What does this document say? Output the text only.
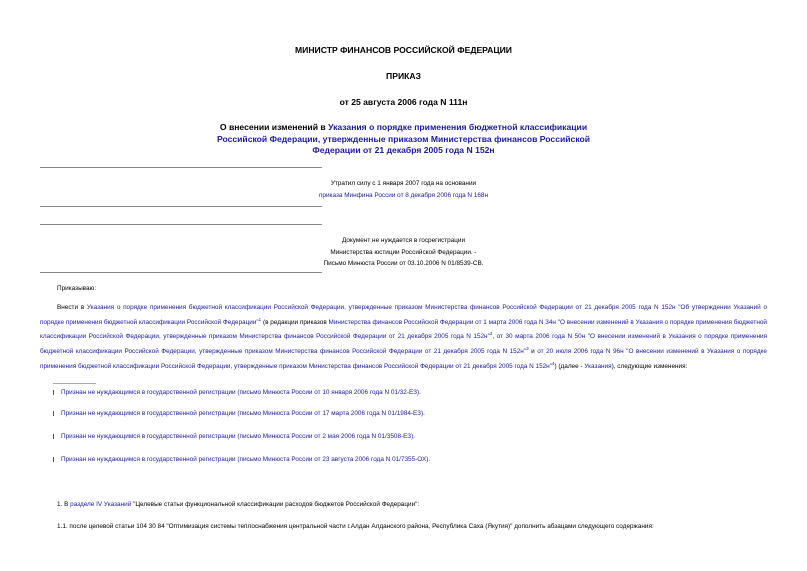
МИНИСТР ФИНАНСОВ РОССИЙСКОЙ ФЕДЕРАЦИИ
ПРИКАЗ
от 25 августа 2006 года N 111н
О внесении изменений в Указания о порядке применения бюджетной классификации
Российской Федерации, утвержденные приказом Министерства финансов Российской
Федерации от 21 декабря 2005 года N 152н
Утратил силу с 1 января 2007 года на основании
приказа Минфина России от 8 декабря 2006 года N 168н
Документ не нуждается в госрегистрации
Министерства юстиции Российской Федерации. -
Письмо Минюста России от 03.10.2006 N 01/8539-СВ.
Приказываю:
Внести в Указания о порядке применения бюджетной классификации Российской Федерации, утвержденные приказом Министерства финансов Российской Федерации от 21 декабря 2005 года N 152н "Об утверждении Указаний о порядке применения бюджетной классификации Российской Федерации"$^1$ (в редакции приказов Министерства финансов Российской Федерации от 1 марта 2006 года N 34н "О внесении изменений в Указания о порядке применения бюджетной классификации Российской Федерации, утвержденные приказом Министерства финансов Российской Федерации от 21 декабря 2005 года N 152н"$^2$, от 30 марта 2006 года N 50н "О внесении изменений в Указания о порядке применения бюджетной классификации Российской Федерации, утвержденные приказом Министерства финансов Российской Федерации от 21 декабря 2005 года N 152н"$^3$ и от 20 июля 2006 года N 96н "О внесении изменений в Указания о порядке применения бюджетной классификации Российской Федерации, утвержденные приказом Министерства финансов Российской Федерации от 21 декабря 2005 года N 152н"$^4$) (далее - Указания), следующие изменения:
Признан не нуждающимся в государственной регистрации (письмо Минюста России от 10 января 2006 года N 01/32-ЕЗ).
Признан не нуждающимся в государственной регистрации (письмо Минюста России от 17 марта 2006 года N 01/1984-ЕЗ).
Признан не нуждающимся в государственной регистрации (письмо Минюста России от 2 мая 2006 года N 01/3508-ЕЗ).
Признан не нуждающимся в государственной регистрации (письмо Минюста России от 23 августа 2006 года N 01/7355-ОХ).
1. В разделе IV Указаний "Целевые статьи функциональной классификации расходов бюджетов Российской Федерации":
1.1. после целевой статьи 104 30 84 "Оптимизация системы теплоснабжения центральной части г.Алдан Алданского района, Республика Саха (Якутия)" дополнить абзацами следующего содержания:
